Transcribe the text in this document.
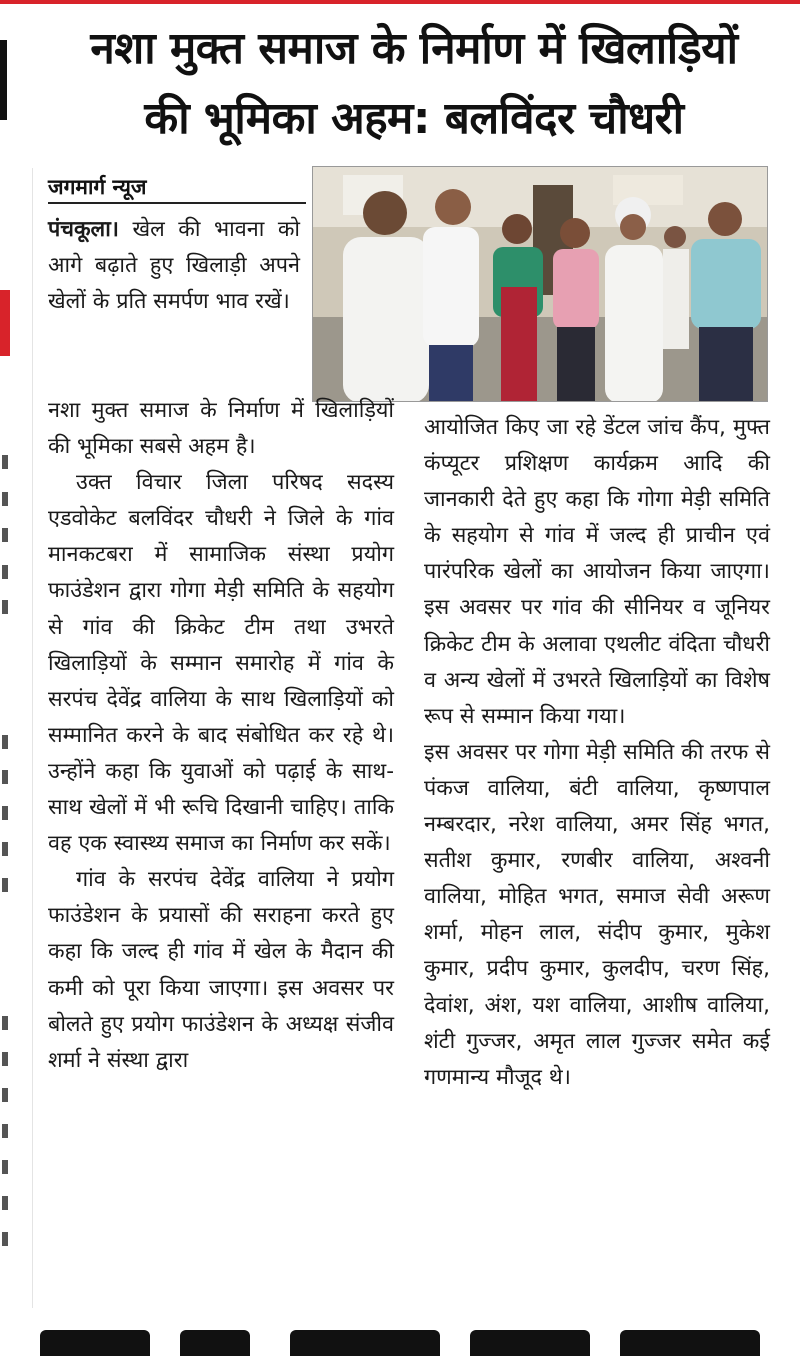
नशा मुक्त समाज के निर्माण में खिलाड़ियों
की भूमिका अहम: बलविंदर चौधरी
जगमार्ग न्यूज

पंचकूला। खेल की भावना को आगे बढ़ाते हुए खिलाड़ी अपने खेलों के प्रति समर्पण भाव रखें।

नशा मुक्त समाज के निर्माण में खिलाड़ियों की भूमिका सबसे अहम है।

उक्त विचार जिला परिषद सदस्य एडवोकेट बलविंदर चौधरी ने जिले के गांव मानकटबरा में सामाजिक संस्था प्रयोग फाउंडेशन द्वारा गोगा मेड़ी समिति के सहयोग से गांव की क्रिकेट टीम तथा उभरते खिलाड़ियों के सम्मान समारोह में गांव के सरपंच देवेंद्र वालिया के साथ खिलाड़ियों को सम्मानित करने के बाद संबोधित कर रहे थे। उन्होंने कहा कि युवाओं को पढ़ाई के साथ-साथ खेलों में भी रूचि दिखानी चाहिए। ताकि वह एक स्वास्थ्य समाज का निर्माण कर सकें।

गांव के सरपंच देवेंद्र वालिया ने प्रयोग फाउंडेशन के प्रयासों की सराहना करते हुए कहा कि जल्द ही गांव में खेल के मैदान की कमी को पूरा किया जाएगा। इस अवसर पर बोलते हुए प्रयोग फाउंडेशन के अध्यक्ष संजीव शर्मा ने संस्था द्वारा

आयोजित किए जा रहे डेंटल जांच कैंप, मुफ्त कंप्यूटर प्रशिक्षण कार्यक्रम आदि की जानकारी देते हुए कहा कि गोगा मेड़ी समिति के सहयोग से गांव में जल्द ही प्राचीन एवं पारंपरिक खेलों का आयोजन किया जाएगा। इस अवसर पर गांव की सीनियर व जूनियर क्रिकेट टीम के अलावा एथलीट वंदिता चौधरी व अन्य खेलों में उभरते खिलाड़ियों का विशेष रूप से सम्मान किया गया।

इस अवसर पर गोगा मेड़ी समिति की तरफ से पंकज वालिया, बंटी वालिया, कृष्णपाल नम्बरदार, नरेश वालिया, अमर सिंह भगत, सतीश कुमार, रणबीर वालिया, अश्वनी वालिया, मोहित भगत, समाज सेवी अरूण शर्मा, मोहन लाल, संदीप कुमार, मुकेश कुमार, प्रदीप कुमार, कुलदीप, चरण सिंह, देवांश, अंश, यश वालिया, आशीष वालिया, शंटी गुज्जर, अमृत लाल गुज्जर समेत कई गणमान्य मौजूद थे।
